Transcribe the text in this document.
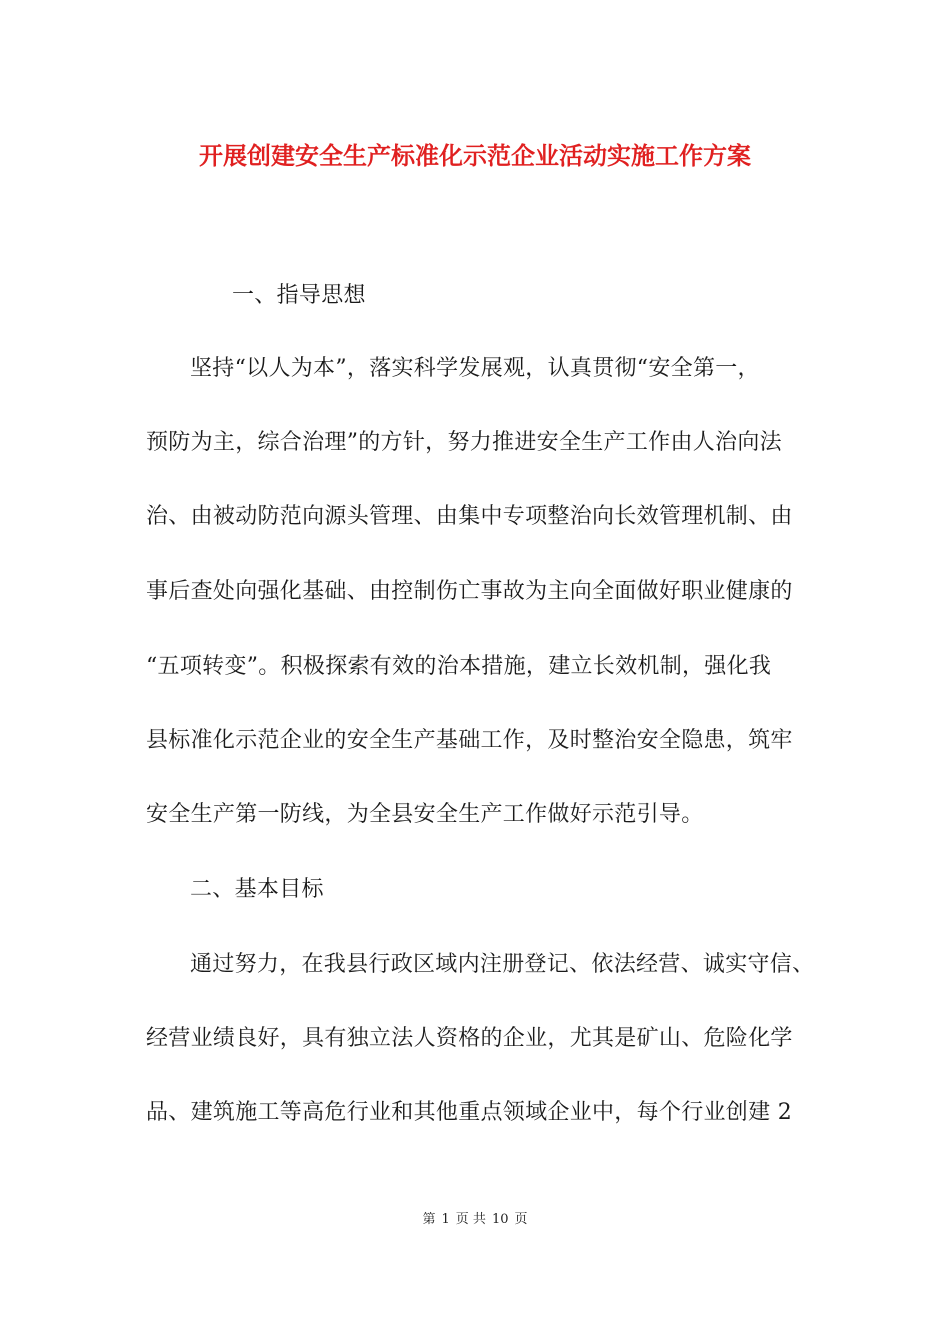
开展创建安全生产标准化示范企业活动实施工作方案
一、指导思想
坚持“以人为本”，落实科学发展观，认真贯彻“安全第一，
预防为主，综合治理”的方针，努力推进安全生产工作由人治向法
治、由被动防范向源头管理、由集中专项整治向长效管理机制、由
事后查处向强化基础、由控制伤亡事故为主向全面做好职业健康的
“五项转变”。积极探索有效的治本措施，建立长效机制，强化我
县标准化示范企业的安全生产基础工作，及时整治安全隐患，筑牢
安全生产第一防线，为全县安全生产工作做好示范引导。
二、基本目标
通过努力，在我县行政区域内注册登记、依法经营、诚实守信、
经营业绩良好，具有独立法人资格的企业，尤其是矿山、危险化学
品、建筑施工等高危行业和其他重点领域企业中，每个行业创建 2
第 1 页 共 10 页
